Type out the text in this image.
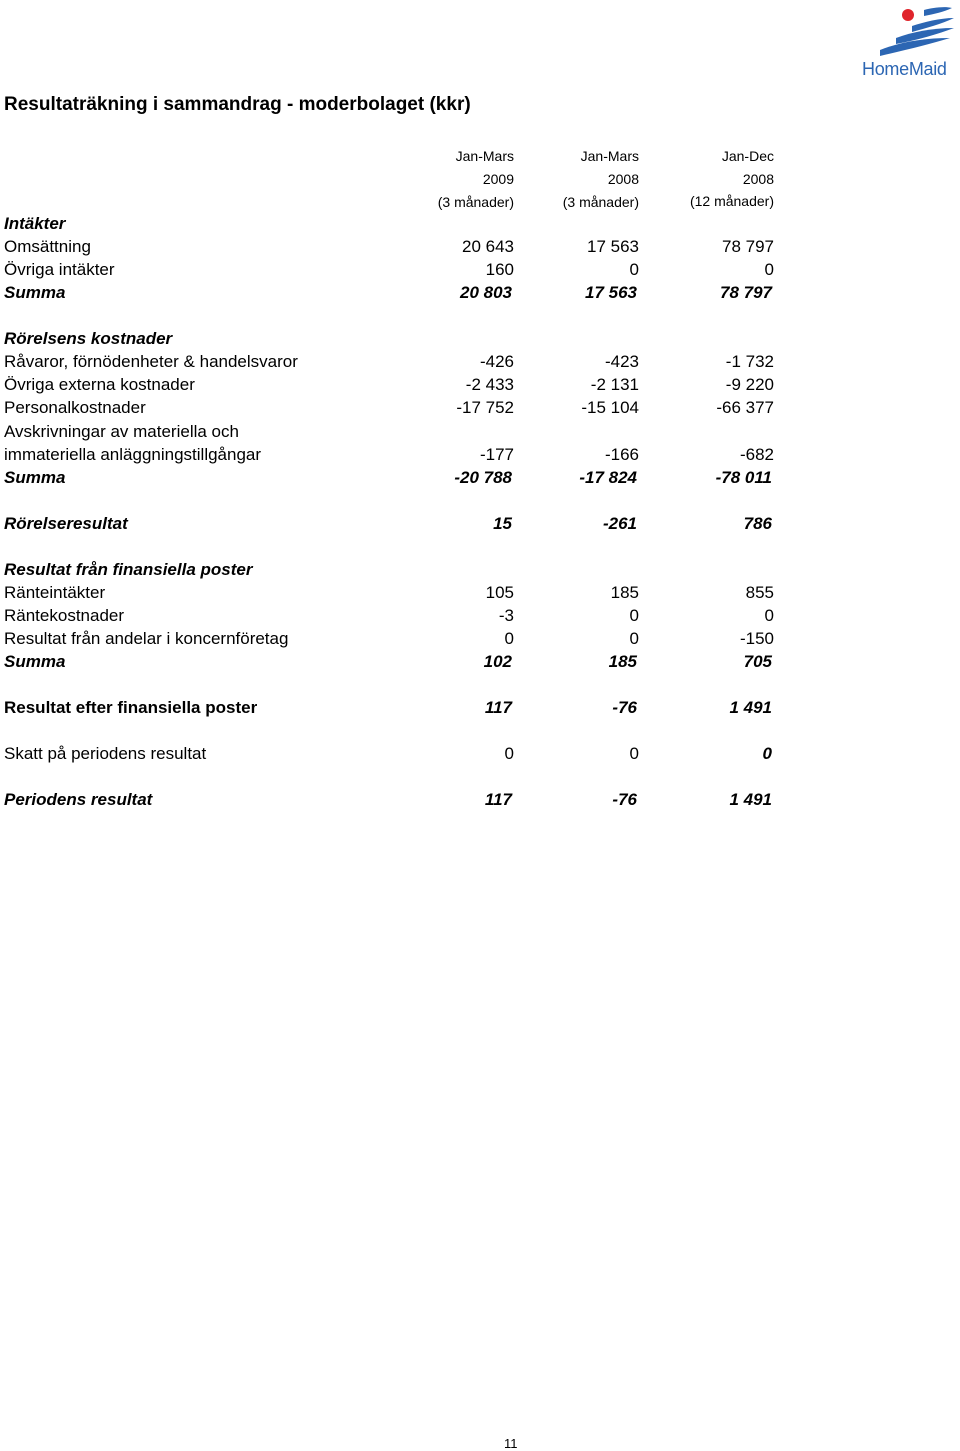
HomeMaid
Resultaträkning i sammandrag - moderbolaget (kkr)
Jan-Mars	Jan-Mars	Jan-Dec
2009	2008	2008
(3 månader)	(3 månader)	(12 månader)
Intäkter
Omsättning	20 643	17 563	78 797
Övriga intäkter	160	0	0
Summa	20 803	17 563	78 797
Rörelsens kostnader
Råvaror, förnödenheter & handelsvaror	-426	-423	-1 732
Övriga externa kostnader	-2 433	-2 131	-9 220
Personalkostnader	-17 752	-15 104	-66 377
Avskrivningar av materiella och
immateriella anläggningstillgångar	-177	-166	-682
Summa	-20 788	-17 824	-78 011
Rörelseresultat	15	-261	786
Resultat från finansiella poster
Ränteintäkter	105	185	855
Räntekostnader	-3	0	0
Resultat från andelar i koncernföretag	0	0	-150
Summa	102	185	705
Resultat efter finansiella poster	117	-76	1 491
Skatt på periodens resultat	0	0	0
Periodens resultat	117	-76	1 491
11
